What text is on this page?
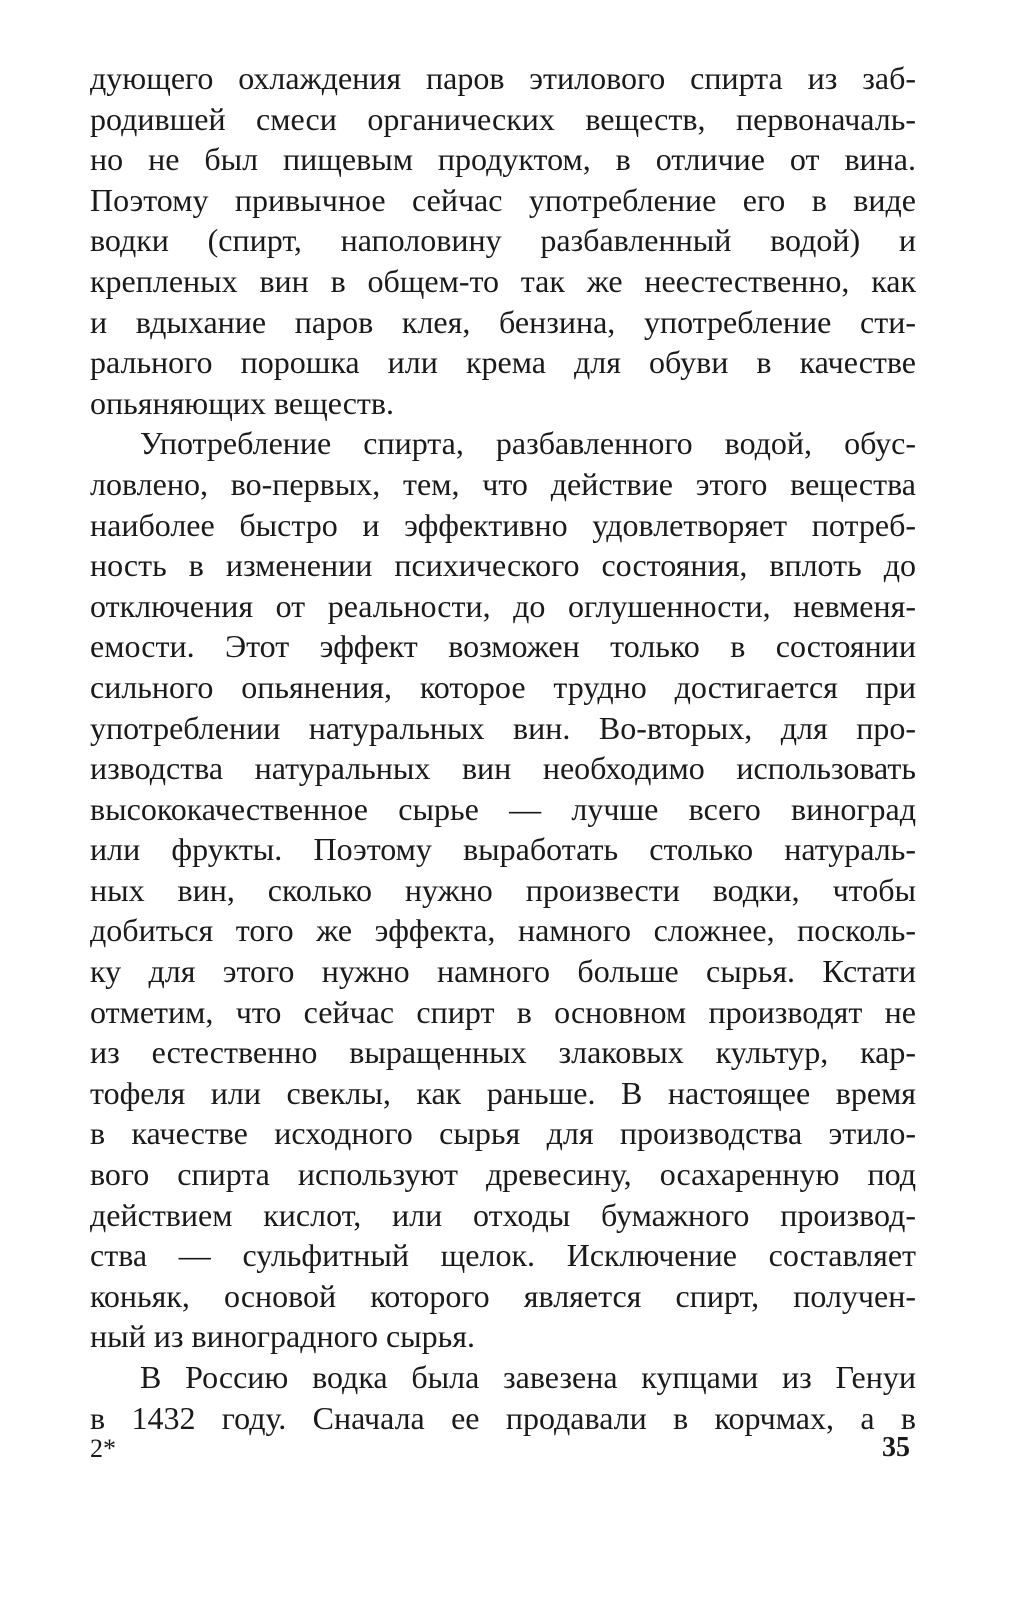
дующего охлаждения паров этилового спирта из заб-
родившей смеси органических веществ, первоначаль-
но не был пищевым продуктом, в отличие от вина.
Поэтому привычное сейчас употребление его в виде
водки (спирт, наполовину разбавленный водой) и
крепленых вин в общем-то так же неестественно, как
и вдыхание паров клея, бензина, употребление сти-
рального порошка или крема для обуви в качестве
опьяняющих веществ.
Употребление спирта, разбавленного водой, обус-
ловлено, во-первых, тем, что действие этого вещества
наиболее быстро и эффективно удовлетворяет потреб-
ность в изменении психического состояния, вплоть до
отключения от реальности, до оглушенности, невменя-
емости. Этот эффект возможен только в состоянии
сильного опьянения, которое трудно достигается при
употреблении натуральных вин. Во-вторых, для про-
изводства натуральных вин необходимо использовать
высококачественное сырье — лучше всего виноград
или фрукты. Поэтому выработать столько натураль-
ных вин, сколько нужно произвести водки, чтобы
добиться того же эффекта, намного сложнее, посколь-
ку для этого нужно намного больше сырья. Кстати
отметим, что сейчас спирт в основном производят не
из естественно выращенных злаковых культур, кар-
тофеля или свеклы, как раньше. В настоящее время
в качестве исходного сырья для производства этило-
вого спирта используют древесину, осахаренную под
действием кислот, или отходы бумажного производ-
ства — сульфитный щелок. Исключение составляет
коньяк, основой которого является спирт, получен-
ный из виноградного сырья.
В Россию водка была завезена купцами из Генуи
в 1432 году. Сначала ее продавали в корчмах, а в
2*	35
